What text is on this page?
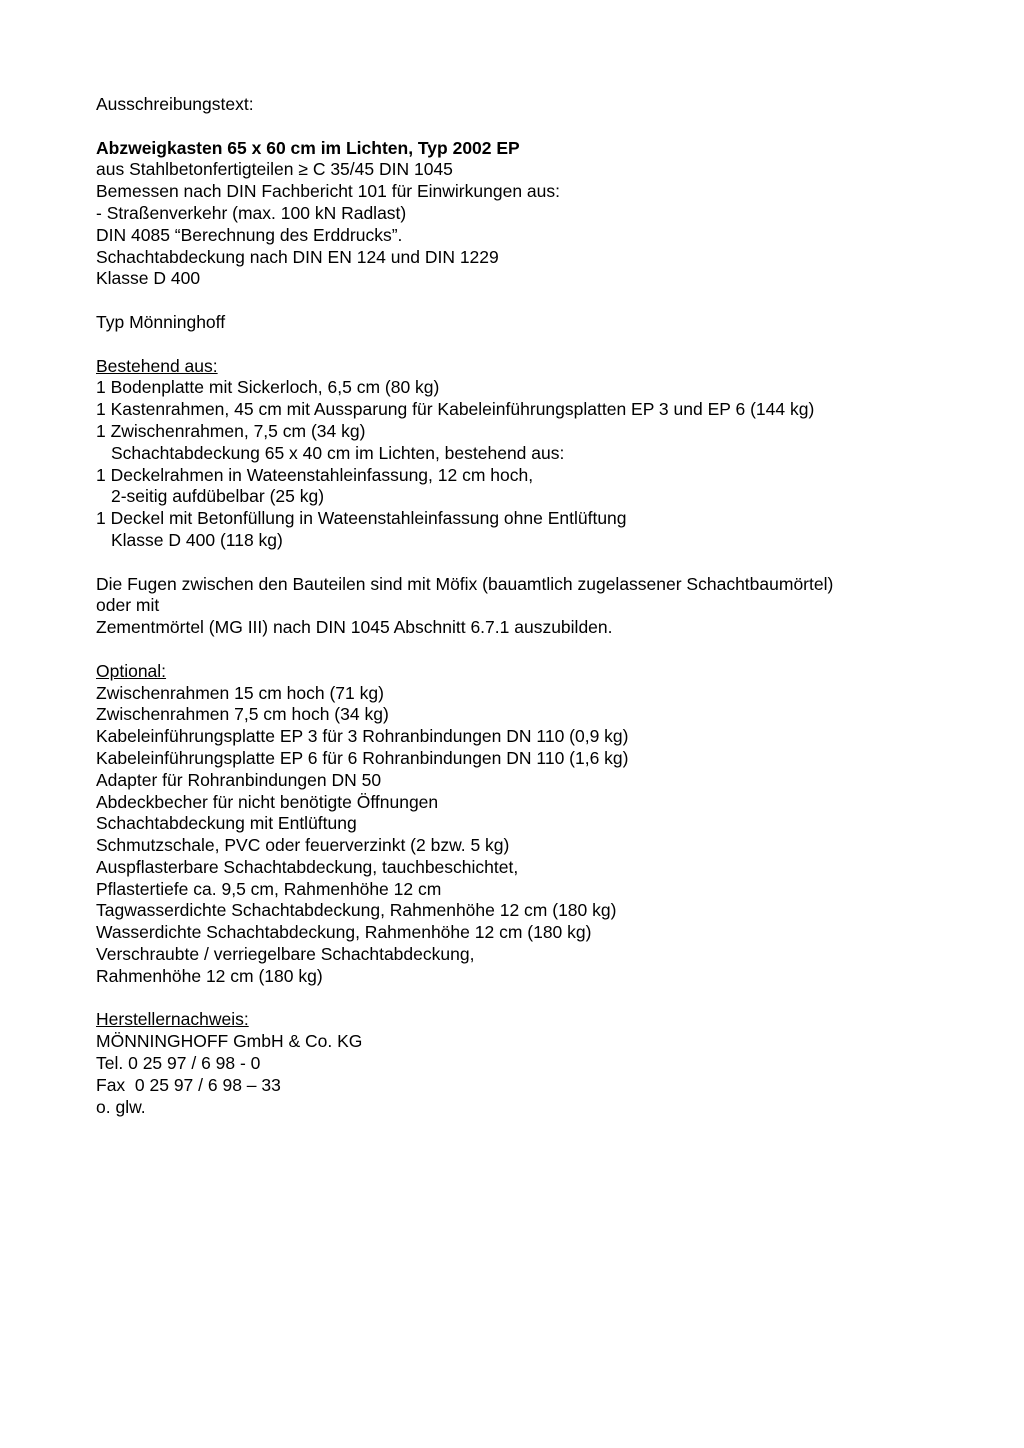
Ausschreibungstext:
Abzweigkasten 65 x 60 cm im Lichten, Typ 2002 EP
aus Stahlbetonfertigteilen ≥ C 35/45 DIN 1045
Bemessen nach DIN Fachbericht 101 für Einwirkungen aus:
- Straßenverkehr (max. 100 kN Radlast)
DIN 4085 “Berechnung des Erddrucks”.
Schachtabdeckung nach DIN EN 124 und DIN 1229
Klasse D 400
Typ Mönninghoff
Bestehend aus:
1 Bodenplatte mit Sickerloch, 6,5 cm (80 kg)
1 Kastenrahmen, 45 cm mit Aussparung für Kabeleinführungsplatten EP 3 und EP 6 (144 kg)
1 Zwischenrahmen, 7,5 cm (34 kg)
Schachtabdeckung 65 x 40 cm im Lichten, bestehend aus:
1 Deckelrahmen in Wateenstahleinfassung, 12 cm hoch,
2-seitig aufdübelbar (25 kg)
1 Deckel mit Betonfüllung in Wateenstahleinfassung ohne Entlüftung
Klasse D 400 (118 kg)
Die Fugen zwischen den Bauteilen sind mit Möfix (bauamtlich zugelassener Schachtbaumörtel)
oder mit
Zementmörtel (MG III) nach DIN 1045 Abschnitt 6.7.1 auszubilden.
Optional:
Zwischenrahmen 15 cm hoch (71 kg)
Zwischenrahmen 7,5 cm hoch (34 kg)
Kabeleinführungsplatte EP 3 für 3 Rohranbindungen DN 110 (0,9 kg)
Kabeleinführungsplatte EP 6 für 6 Rohranbindungen DN 110 (1,6 kg)
Adapter für Rohranbindungen DN 50
Abdeckbecher für nicht benötigte Öffnungen
Schachtabdeckung mit Entlüftung
Schmutzschale, PVC oder feuerverzinkt (2 bzw. 5 kg)
Auspflasterbare Schachtabdeckung, tauchbeschichtet,
Pflastertiefe ca. 9,5 cm, Rahmenhöhe 12 cm
Tagwasserdichte Schachtabdeckung, Rahmenhöhe 12 cm (180 kg)
Wasserdichte Schachtabdeckung, Rahmenhöhe 12 cm (180 kg)
Verschraubte / verriegelbare Schachtabdeckung,
Rahmenhöhe 12 cm (180 kg)
Herstellernachweis:
MÖNNINGHOFF GmbH & Co. KG
Tel. 0 25 97 / 6 98 - 0
Fax  0 25 97 / 6 98 – 33
o. glw.
